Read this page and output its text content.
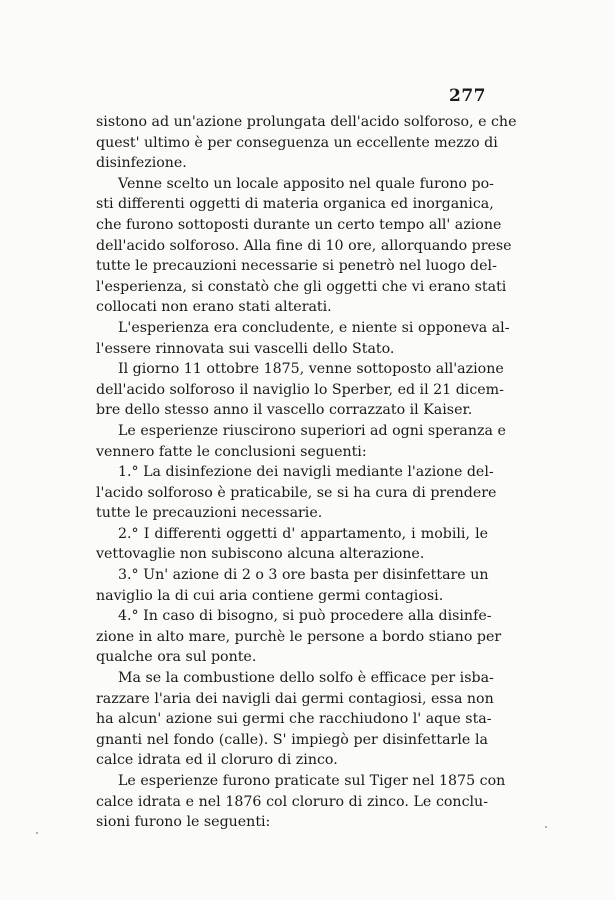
277

sistono ad un'azione prolungata dell'acido solforoso, e che
quest' ultimo è per conseguenza un eccellente mezzo di
disinfezione.
Venne scelto un locale apposito nel quale furono po-
sti differenti oggetti di materia organica ed inorganica,
che furono sottoposti durante un certo tempo all' azione
dell'acido solforoso. Alla fine di 10 ore, allorquando prese
tutte le precauzioni necessarie si penetrò nel luogo del-
l'esperienza, si constatò che gli oggetti che vi erano stati
collocati non erano stati alterati.
L'esperienza era concludente, e niente si opponeva al-
l'essere rinnovata sui vascelli dello Stato.
Il giorno 11 ottobre 1875, venne sottoposto all'azione
dell'acido solforoso il naviglio lo Sperber, ed il 21 dicem-
bre dello stesso anno il vascello corrazzato il Kaiser.
Le esperienze riuscirono superiori ad ogni speranza e
vennero fatte le conclusioni seguenti:
1.° La disinfezione dei navigli mediante l'azione del-
l'acido solforoso è praticabile, se si ha cura di prendere
tutte le precauzioni necessarie.
2.° I differenti oggetti d' appartamento, i mobili, le
vettovaglie non subiscono alcuna alterazione.
3.° Un' azione di 2 o 3 ore basta per disinfettare un
naviglio la di cui aria contiene germi contagiosi.
4.° In caso di bisogno, si può procedere alla disinfe-
zione in alto mare, purchè le persone a bordo stiano per
qualche ora sul ponte.
Ma se la combustione dello solfo è efficace per isba-
razzare l'aria dei navigli dai germi contagiosi, essa non
ha alcun' azione sui germi che racchiudono l' aque sta-
gnanti nel fondo (calle). S' impiegò per disinfettarle la
calce idrata ed il cloruro di zinco.
Le esperienze furono praticate sul Tiger nel 1875 con
calce idrata e nel 1876 col cloruro di zinco. Le conclu-
sioni furono le seguenti:
